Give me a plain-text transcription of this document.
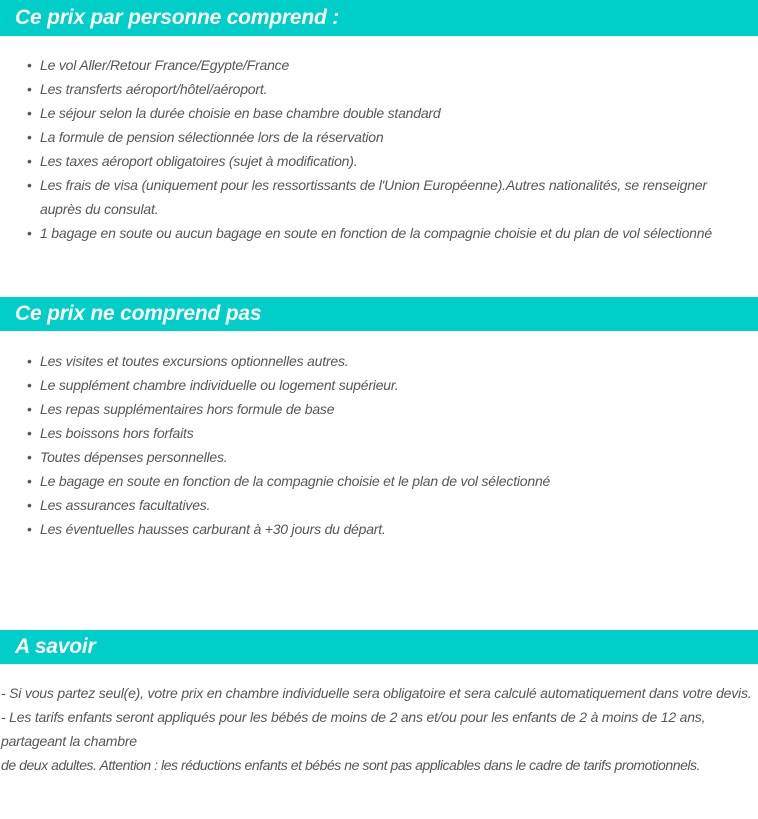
Ce prix par personne comprend :
• Le vol Aller/Retour France/Egypte/France
• Les transferts aéroport/hôtel/aéroport.
• Le séjour selon la durée choisie en base chambre double standard
• La formule de pension sélectionnée lors de la réservation
• Les taxes aéroport obligatoires (sujet à modification).
• Les frais de visa (uniquement pour les ressortissants de l'Union Européenne).Autres nationalités, se renseigner auprès du consulat.
• 1 bagage en soute ou aucun bagage en soute en fonction de la compagnie choisie et du plan de vol sélectionné
Ce prix ne comprend pas
• Les visites et toutes excursions optionnelles autres.
• Le supplément chambre individuelle ou logement supérieur.
• Les repas supplémentaires hors formule de base
• Les boissons hors forfaits
• Toutes dépenses personnelles.
• Le bagage en soute en fonction de la compagnie choisie et le plan de vol sélectionné
• Les assurances facultatives.
• Les éventuelles hausses carburant à +30 jours du départ.
A savoir
- Si vous partez seul(e), votre prix en chambre individuelle sera obligatoire et sera calculé automatiquement dans votre devis.
- Les tarifs enfants seront appliqués pour les bébés de moins de 2 ans et/ou pour les enfants de 2 à moins de 12 ans, partageant la chambre
de deux adultes. Attention : les réductions enfants et bébés ne sont pas applicables dans le cadre de tarifs promotionnels.
